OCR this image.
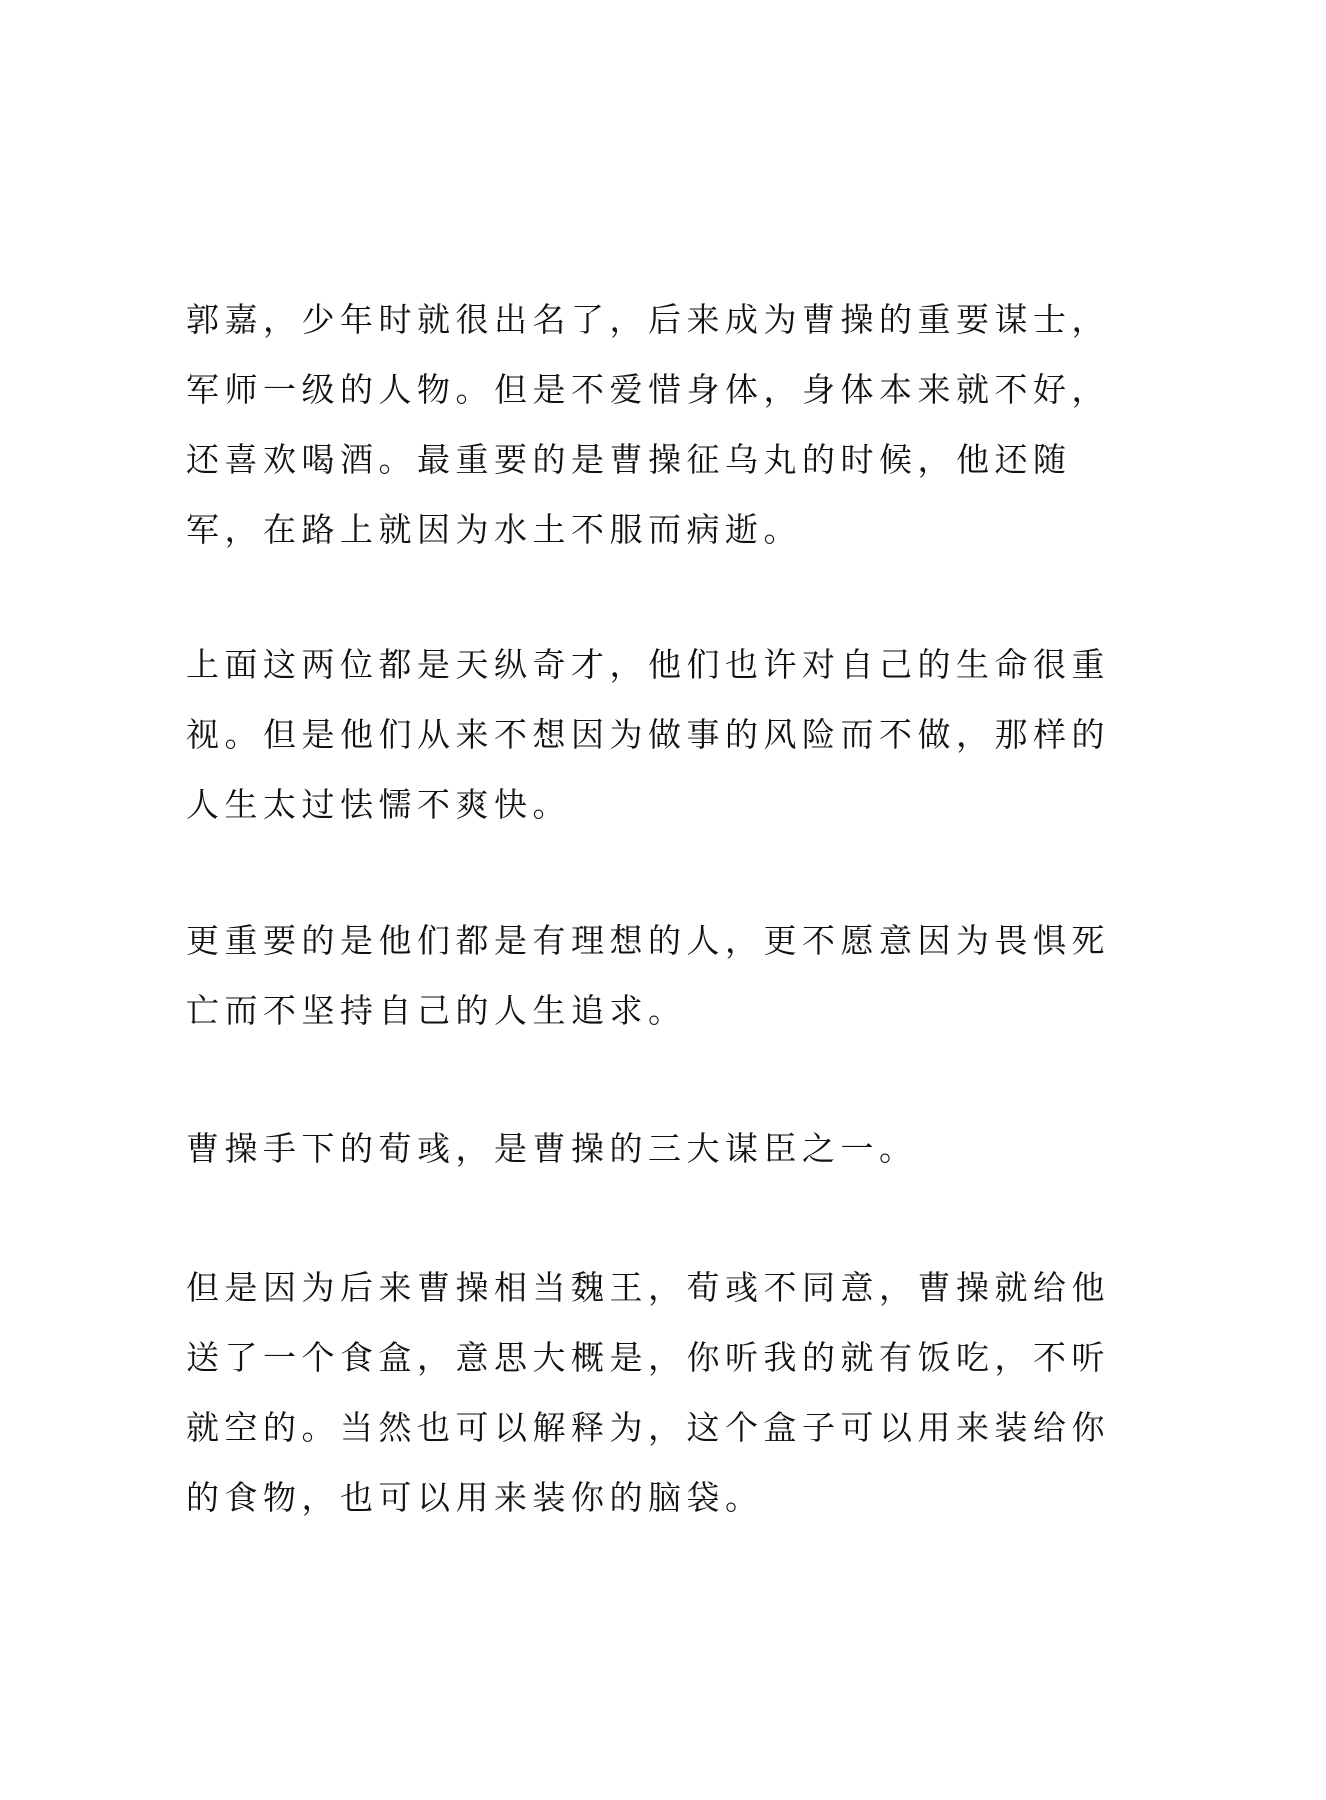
郭嘉，少年时就很出名了，后来成为曹操的重要谋士，军师一级的人物。但是不爱惜身体，身体本来就不好，还喜欢喝酒。最重要的是曹操征乌丸的时候，他还随军，在路上就因为水土不服而病逝。

上面这两位都是天纵奇才，他们也许对自己的生命很重视。但是他们从来不想因为做事的风险而不做，那样的人生太过怯懦不爽快。

更重要的是他们都是有理想的人，更不愿意因为畏惧死亡而不坚持自己的人生追求。

曹操手下的荀彧，是曹操的三大谋臣之一。

但是因为后来曹操相当魏王，荀彧不同意，曹操就给他送了一个食盒，意思大概是，你听我的就有饭吃，不听就空的。当然也可以解释为，这个盒子可以用来装给你的食物，也可以用来装你的脑袋。
